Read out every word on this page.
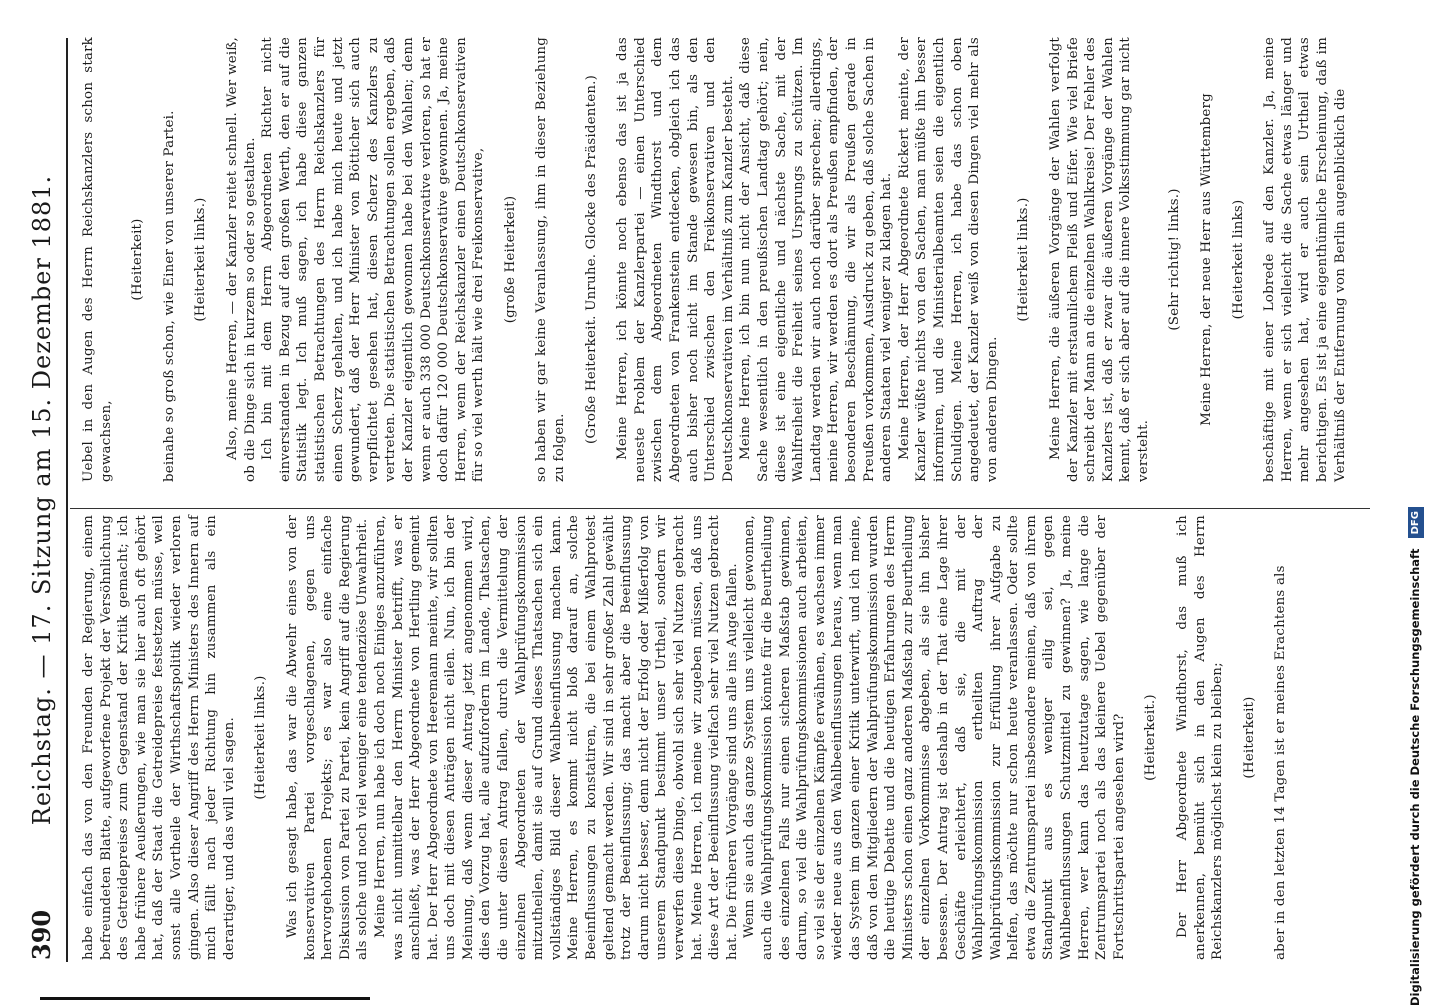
390
Reichstag. — 17. Sitzung am 15. Dezember 1881.	habe einfach das von den Freunden der Regierung, einem befreundeten Blatte, aufgeworfene Projekt der Versöhnlichung des Getreidepreises zum Gegenstand der Kritik gemacht; ich habe frühere Aeußerungen, wie man sie hier auch oft gehört hat, daß der Staat die Getreidepreise festsetzen müsse, weil sonst alle Vortheile der Wirthschaftspolitik wieder verloren gingen. Also dieser Angriff des Herrn Ministers des Innern auf mich fällt nach jeder Richtung hin zusammen als ein derartiger, und das will viel sagen. (Heiterkeit links.) Was ich gesagt habe, das war die Abwehr eines von der konservativen Partei vorgeschlagenen, gegen uns hervorgehobenen Projekts; es war also eine einfache Diskussion von Partei zu Partei, kein Angriff auf die Regierung als solche und noch viel weniger eine tendenziöse Unwahrheit. Meine Herren, nun habe ich doch noch Einiges anzuführen, was nicht unmittelbar den Herrn Minister betrifft, was er anschließt, was der Herr Abgeordnete von Hertling gemeint hat. Der Herr Abgeordnete von Heeremann meinte, wir sollten uns doch mit diesen Anträgen nicht eilen. Nun, ich bin der Meinung, daß wenn dieser Antrag jetzt angenommen wird, dies den Vorzug hat, alle aufzufordern im Lande, Thatsachen, die unter diesen Antrag fallen, durch die Vermittelung der einzelnen Abgeordneten der Wahlprüfungskommission mitzutheilen, damit sie auf Grund dieses Thatsachen sich ein vollständiges Bild dieser Wahlbeeinflussung machen kann. Meine Herren, es kommt nicht bloß darauf an, solche Beeinflussungen zu konstatiren, die bei einem Wahlprotest geltend gemacht werden. Wir sind in sehr großer Zahl gewählt trotz der Beeinflussung; das macht aber die Beeinflussung darum nicht besser, denn nicht der Erfolg oder Mißerfolg von unserem Standpunkt bestimmt unser Urtheil, sondern wir verwerfen diese Dinge, obwohl sich sehr viel Nutzen gebracht hat. Meine Herren, ich meine wir zugeben müssen, daß uns diese Art der Beeinflussung vielfach sehr viel Nutzen gebracht hat. Die früheren Vorgänge sind uns alle ins Auge fallen. Wenn sie auch das ganze System uns vielleicht gewonnen, auch die Wahlprüfungskommission könnte für die Beurtheilung des einzelnen Falls nur einen sicheren Maßstab gewinnen, darum, so viel die Wahlprüfungskommissionen auch arbeiten, so viel sie der einzelnen Kämpfe erwähnen, es wachsen immer wieder neue aus den Wahlbeeinflussungen heraus, wenn man das System im ganzen einer Kritik unterwirft, und ich meine, daß von den Mitgliedern der Wahlprüfungskommission wurden die heutige Debatte und die heutigen Erfahrungen des Herrn Ministers schon einen ganz anderen Maßstab zur Beurtheilung der einzelnen Vorkommnisse abgeben, als sie ihn bisher besessen. Der Antrag ist deshalb in der That eine Lage ihrer Geschäfte erleichtert, daß sie, die mit der Wahlprüfungskommission ertheilten Auftrag der Wahlprüfungskommission zur Erfüllung ihrer Aufgabe zu helfen, das möchte nur schon heute veranlassen. Oder sollte etwa die Zentrumspartei insbesondere meinen, daß von ihrem Standpunkt aus es weniger eilig sei, gegen Wahlbeeinflussungen Schutzmittel zu gewinnen? Ja, meine Herren, wer kann das heutzutage sagen, wie lange die Zentrumspartei noch als das kleinere Uebel gegenüber der Fortschrittspartei angesehen wird? (Heiterkeit.) Der Herr Abgeordnete Windthorst, das muß ich anerkennen, bemüht sich in den Augen des Herrn Reichskanzlers möglichst klein zu bleiben; (Heiterkeit) aber in den letzten 14 Tagen ist er meines Erachtens als

Uebel in den Augen des Herrn Reichskanzlers schon stark gewachsen,

(Heiterkeit) beinahe so groß schon, wie Einer von unserer Partei. (Heiterkeit links.) Also, meine Herren, — der Kanzler reitet schnell. Wer weiß, ob die Dinge sich in kurzem so oder so gestalten. Ich bin mit dem Herrn Abgeordneten Richter nicht einverstanden in Bezug auf den großen Werth, den er auf die Statistik legt. Ich muß sagen, ich habe diese ganzen statistischen Betrachtungen des Herrn Reichskanzlers für einen Scherz gehalten, und ich habe mich heute und jetzt gewundert, daß der Herr Minister von Bötticher sich auch verpflichtet gesehen hat, diesen Scherz des Kanzlers zu vertreten. Die statistischen Betrachtungen sollen ergeben, daß der Kanzler eigentlich gewonnen habe bei den Wahlen; denn wenn er auch 338 000 Deutschkonservative verloren, so hat er doch dafür 120 000 Deutschkonservative gewonnen. Ja, meine Herren, wenn der Reichskanzler einen Deutschkonservativen für so viel werth hält wie drei Freikonservative, (große Heiterkeit) so haben wir gar keine Veranlassung, ihm in dieser Beziehung zu folgen.

(Große Heiterkeit. Unruhe. Glocke des Präsidenten.) Meine Herren, ich könnte noch ebenso das ist ja das neueste Problem der Kanzlerpartei — einen Unterschied zwischen dem Abgeordneten Windthorst und dem Abgeordneten von Frankenstein entdecken, obgleich ich das auch bisher noch nicht im Stande gewesen bin, als den Unterschied zwischen den Freikonservativen und den Deutschkonservativen im Verhältniß zum Kanzler besteht. Meine Herren, ich bin nun nicht der Ansicht, daß diese Sache wesentlich in den preußischen Landtag gehört; nein, diese ist eine eigentliche und nächste Sache, mit der Wahlfreiheit die Freiheit seines Ursprungs zu schützen. Im Landtag werden wir auch noch darüber sprechen; allerdings, meine Herren, wir werden es dort als Preußen empfinden, der besonderen Beschämung, die wir als Preußen gerade in Preußen vorkommen, Ausdruck zu geben, daß solche Sachen in anderen Staaten viel weniger zu klagen hat. Meine Herren, der Herr Abgeordnete Rickert meinte, der Kanzler wüßte nichts von den Sachen, man müßte ihn besser informiren, und die Ministerialbeamten seien die eigentlich Schuldigen. Meine Herren, ich habe das schon oben angedeutet, der Kanzler weiß von diesen Dingen viel mehr als von anderen Dingen.

(Heiterkeit links.) Meine Herren, die äußeren Vorgänge der Wahlen verfolgt der Kanzler mit erstaunlichem Fleiß und Eifer. Wie viel Briefe schreibt der Mann an die einzelnen Wahlkreise! Der Fehler des Kanzlers ist, daß er zwar die äußeren Vorgänge der Wahlen kennt, daß er sich aber auf die innere Volksstimmung gar nicht versteht.

(Sehr richtig! links.) Meine Herren, der neue Herr aus Württemberg (Heiterkeit links) beschäftige mit einer Lobrede auf den Kanzler. Ja, meine Herren, wenn er sich vielleicht die Sache etwas länger und mehr angesehen hat, wird er auch sein Urtheil etwas berichtigen. Es ist ja eine eigenthümliche Erscheinung, daß im Verhältniß der Entfernung von Berlin augenblicklich die

Digitalisierung gefördert durch die Deutsche Forschungsgemeinschaft DFG
